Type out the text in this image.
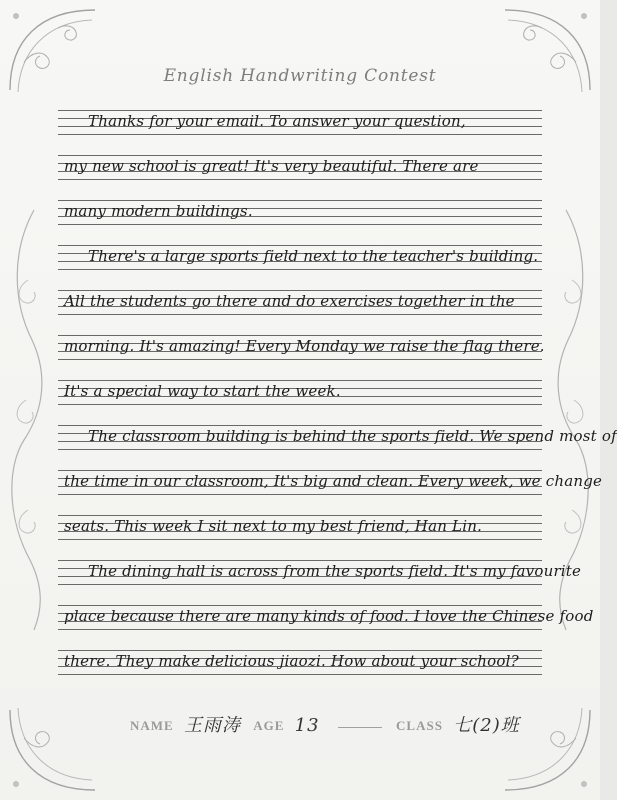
English Handwriting Contest
Thanks for your email. To answer your question,
my new school is great! It's very beautiful. There are
many modern buildings.
There's a large sports field next to the teacher's building.
All the students go there and do exercises together in the
morning. It's amazing! Every Monday we raise the flag there.
It's a special way to start the week.
The classroom building is behind the sports field. We spend most of
the time in our classroom, It's big and clean. Every week, we change
seats. This week I sit next to my best friend, Han Lin.
The dining hall is across from the sports field. It's my favourite
place because there are many kinds of food. I love the Chinese food
there. They make delicious jiaozi. How about your school?
NAME 王雨涛 AGE 13	CLASS 七(2)班
